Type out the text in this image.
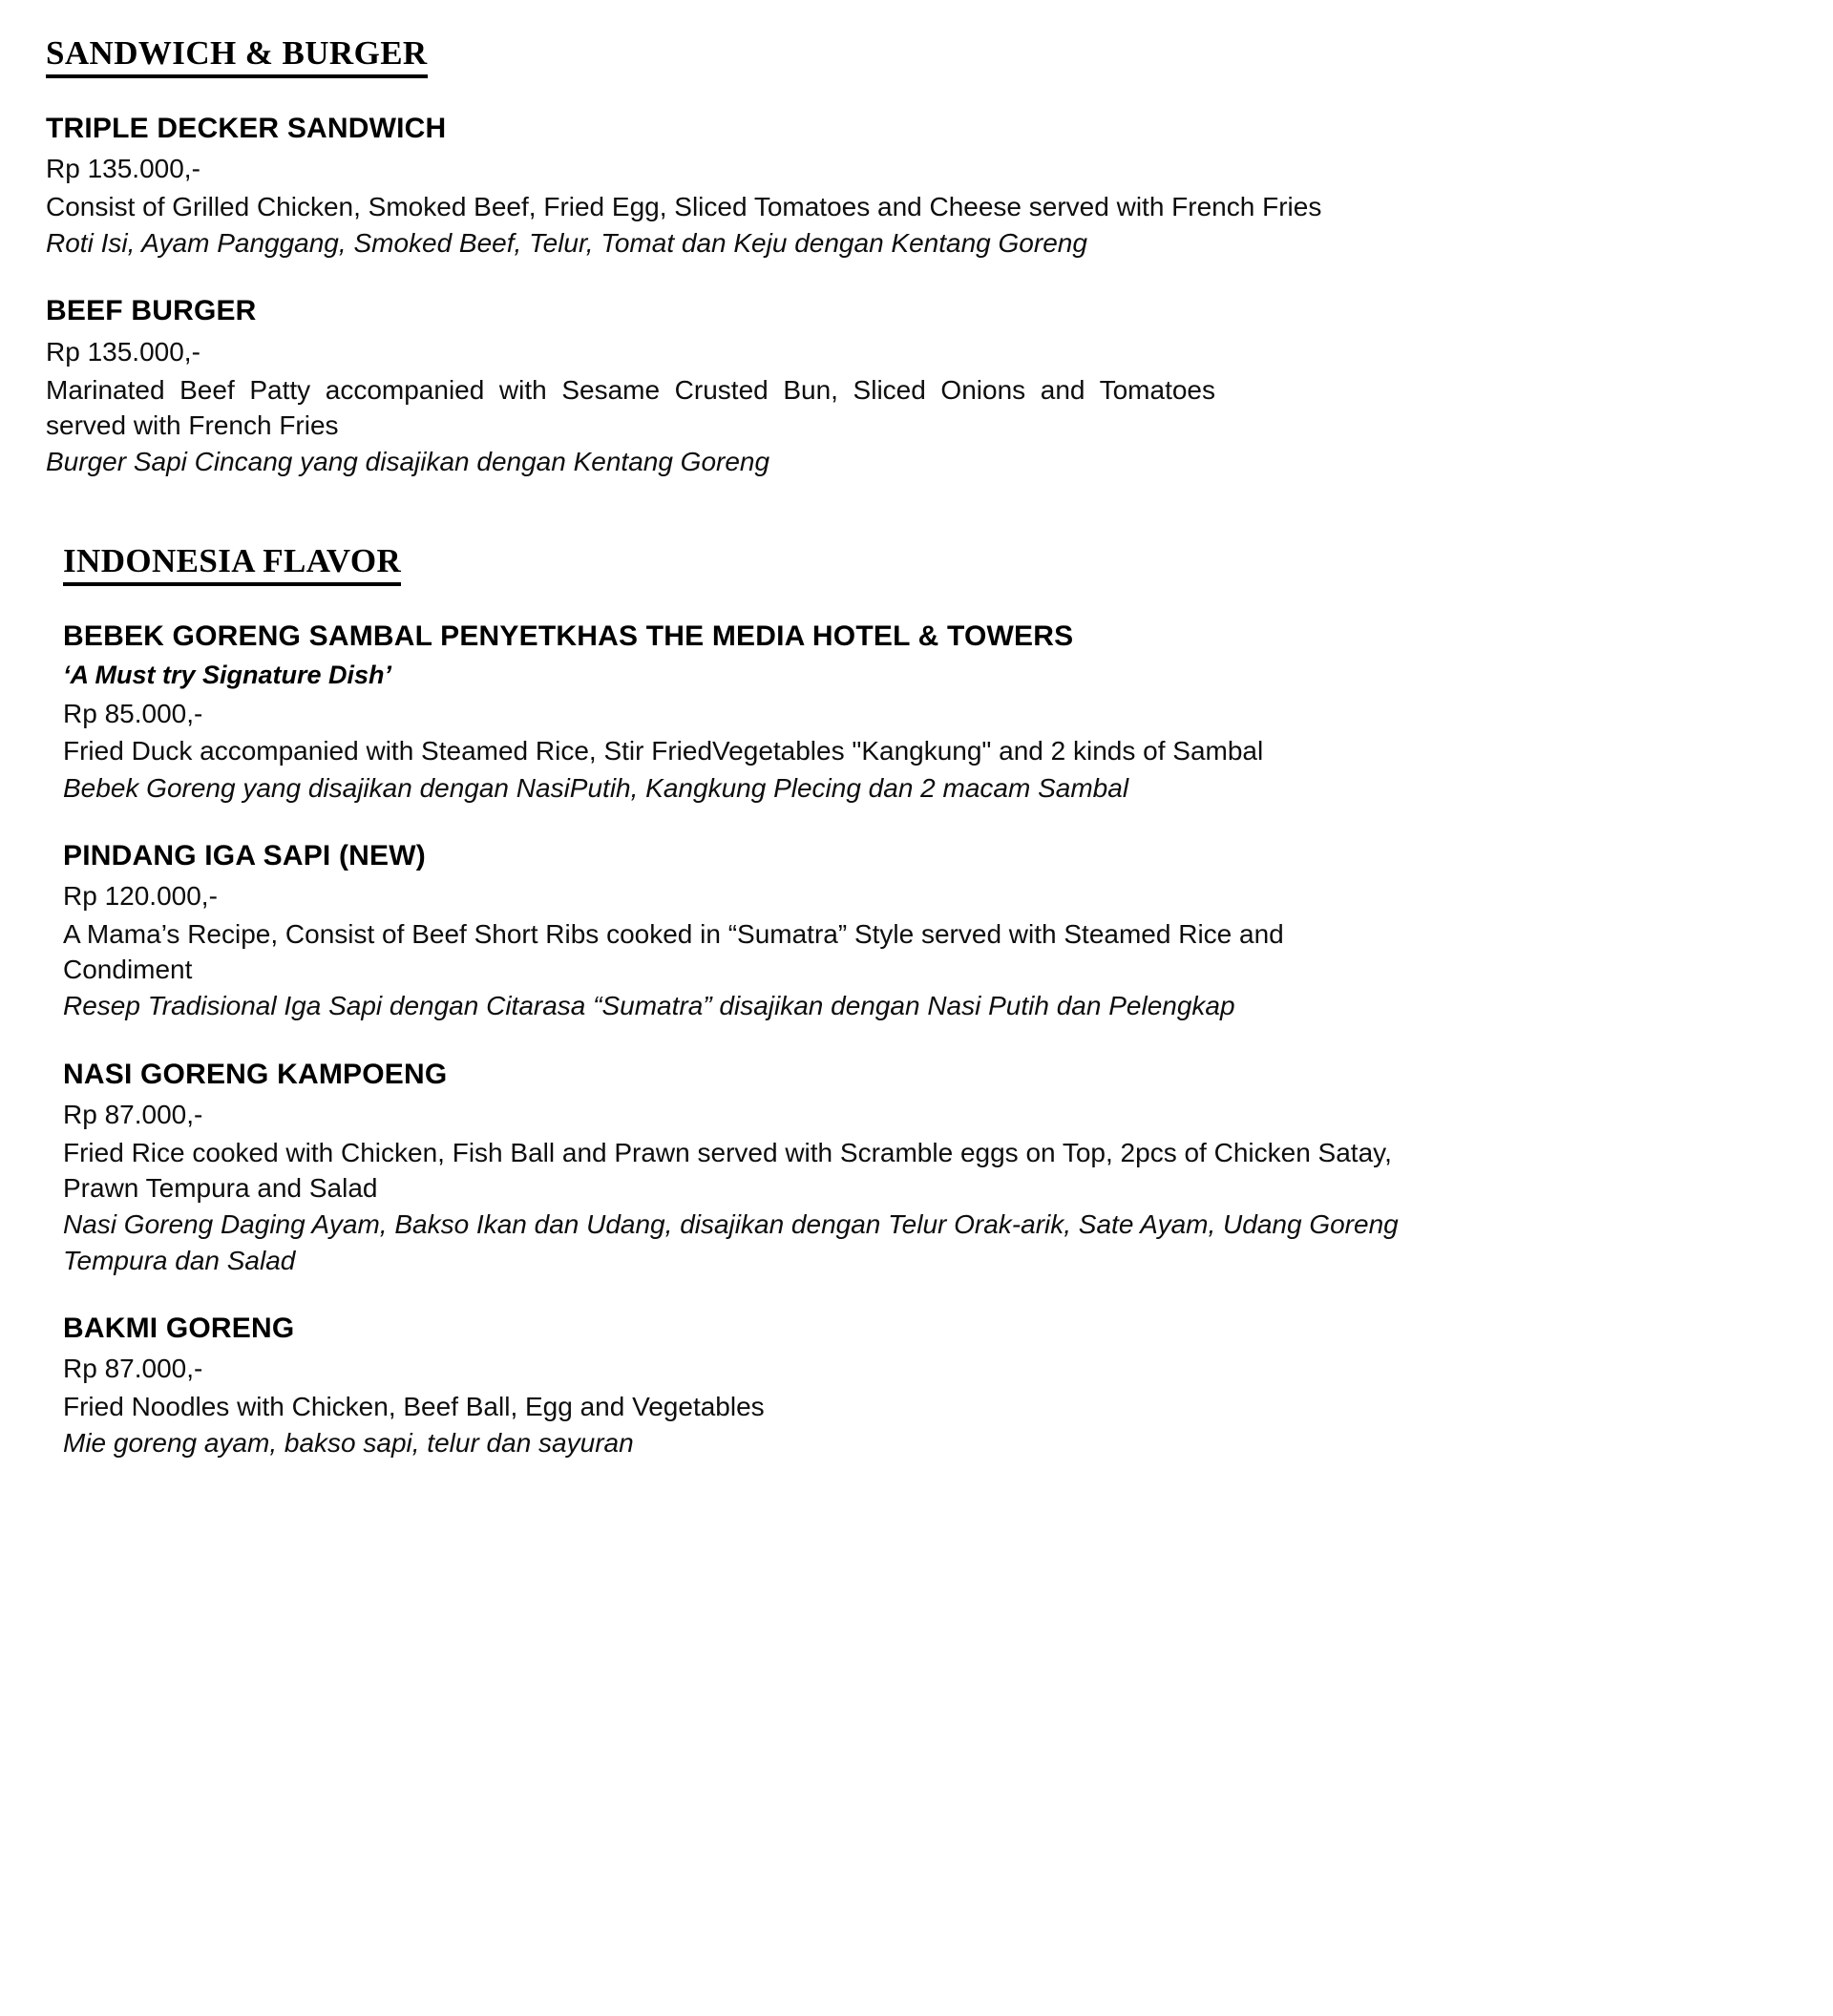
SANDWICH & BURGER
TRIPLE DECKER SANDWICH
Rp 135.000,-
Consist of Grilled Chicken, Smoked Beef, Fried Egg, Sliced Tomatoes and Cheese served with French Fries
Roti Isi, Ayam Panggang, Smoked Beef, Telur, Tomat dan Keju dengan Kentang Goreng
BEEF BURGER
Rp 135.000,-
Marinated Beef Patty accompanied with Sesame Crusted Bun, Sliced Onions and Tomatoes served with French Fries
Burger Sapi Cincang yang disajikan dengan Kentang Goreng
INDONESIA FLAVOR
BEBEK GORENG SAMBAL PENYETKHAS THE MEDIA HOTEL & TOWERS
‘A Must try Signature Dish’
Rp 85.000,-
Fried Duck accompanied with Steamed Rice, Stir FriedVegetables "Kangkung" and 2 kinds of Sambal
Bebek Goreng yang disajikan dengan NasiPutih, Kangkung Plecing dan 2 macam Sambal
PINDANG IGA SAPI (NEW)
Rp 120.000,-
A Mama’s Recipe, Consist of Beef Short Ribs cooked in “Sumatra” Style served with Steamed Rice and Condiment
Resep Tradisional Iga Sapi dengan Citarasa “Sumatra” disajikan dengan Nasi Putih dan Pelengkap
NASI GORENG KAMPOENG
Rp 87.000,-
Fried Rice cooked with Chicken, Fish Ball and Prawn served with Scramble eggs on Top, 2pcs of Chicken Satay, Prawn Tempura and Salad
Nasi Goreng Daging Ayam, Bakso Ikan dan Udang, disajikan dengan Telur Orak-arik, Sate Ayam, Udang Goreng Tempura dan Salad
BAKMI GORENG
Rp 87.000,-
Fried Noodles with Chicken, Beef Ball, Egg and Vegetables
Mie goreng ayam, bakso sapi, telur dan sayuran
